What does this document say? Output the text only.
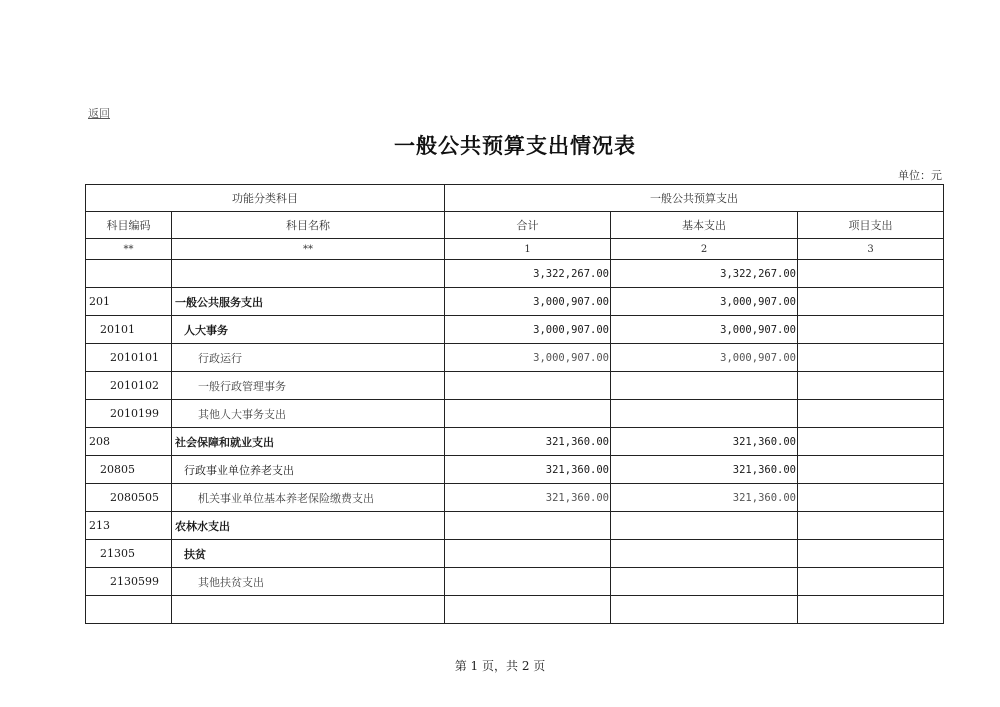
返回
一般公共预算支出情况表
单位：元
功能分类科目		一般公共预算支出		
科目编码	科目名称	合计	基本支出	项目支出
**	**	1	2	3
		3,322,267.00	3,322,267.00	
201	一般公共服务支出	3,000,907.00	3,000,907.00	
20101	人大事务	3,000,907.00	3,000,907.00	
2010101	行政运行	3,000,907.00	3,000,907.00	
2010102	一般行政管理事务			
2010199	其他人大事务支出			
208	社会保障和就业支出	321,360.00	321,360.00	
20805	行政事业单位养老支出	321,360.00	321,360.00	
2080505	机关事业单位基本养老保险缴费支出	321,360.00	321,360.00	
213	农林水支出			
21305	扶贫			
2130599	其他扶贫支出			

第 1 页，共 2 页
